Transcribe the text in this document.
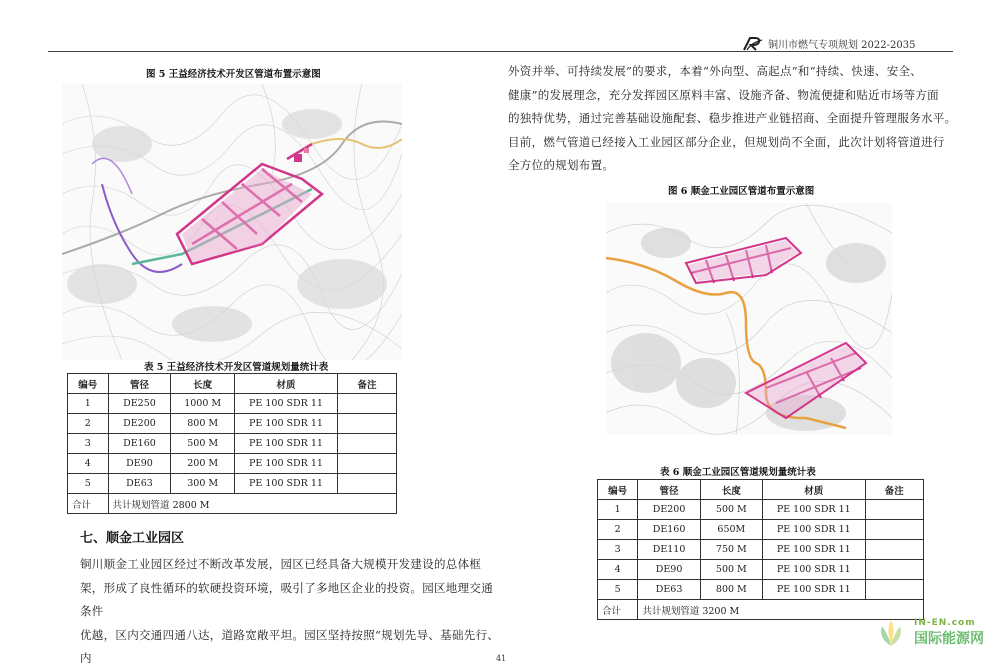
铜川市燃气专项规划 2022-2035
图 5 王益经济技术开发区管道布置示意图
表 5 王益经济技术开发区管道规划量统计表
编号	管径	长度	材质	备注
1	DE250	1000 M	PE 100 SDR 11	
2	DE200	800 M	PE 100 SDR 11	
3	DE160	500 M	PE 100 SDR 11	
4	DE90	200 M	PE 100 SDR 11	
5	DE63	300 M	PE 100 SDR 11	
合计	共计规划管道 2800 M			
七、顺金工业园区
铜川顺金工业园区经过不断改革发展，园区已经具备大规模开发建设的总体框
架，形成了良性循环的软硬投资环境，吸引了多地区企业的投资。园区地理交通条件
优越，区内交通四通八达，道路宽敞平坦。园区坚持按照“规划先导、基础先行、内
外资并举、可持续发展”的要求，本着“外向型、高起点”和“持续、快速、安全、
健康”的发展理念，充分发挥园区原料丰富、设施齐备、物流便捷和贴近市场等方面
的独特优势，通过完善基础设施配套、稳步推进产业链招商、全面提升管理服务水平。
目前，燃气管道已经接入工业园区部分企业，但规划尚不全面，此次计划将管道进行
全方位的规划布置。
图 6 顺金工业园区管道布置示意图
表 6 顺金工业园区管道规划量统计表
编号	管径	长度	材质	备注
1	DE200	500 M	PE 100 SDR 11	
2	DE160	650M	PE 100 SDR 11	
3	DE110	750 M	PE 100 SDR 11	
4	DE90	500 M	PE 100 SDR 11	
5	DE63	800 M	PE 100 SDR 11	
合计	共计规划管道 3200 M			
41
IN-EN.com
国际能源网
